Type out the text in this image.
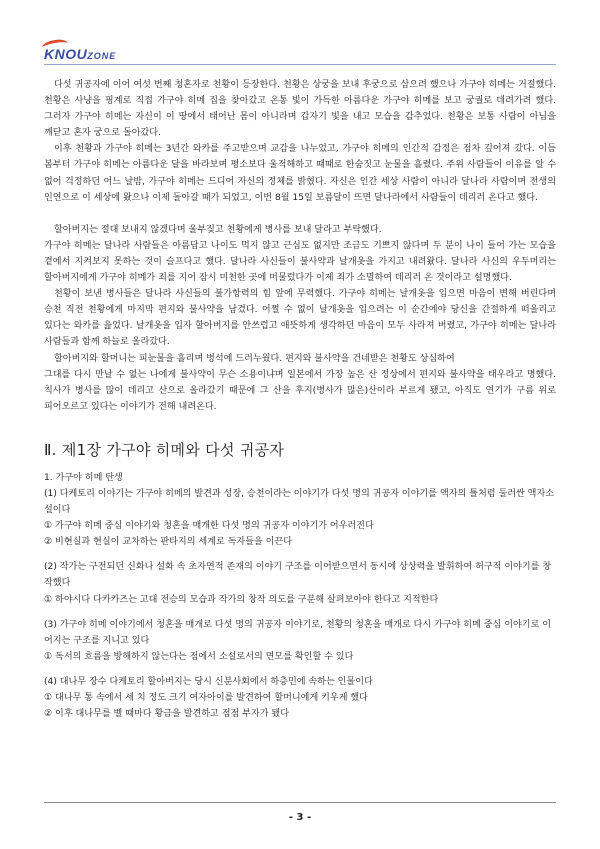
KNOUZONE

다섯 귀공자에 이어 여섯 번째 청혼자로 천황이 등장한다. 천황은 상궁을 보내 후궁으로 삼으려 했으나 가구야 히메는 거절했다. 천황은 사냥을 핑계로 직접 가구야 히메 집을 찾아갔고 온통 빛이 가득한 아름다운 가구야 히메를 보고 궁궐로 데려가려 했다. 그러자 가구야 히메는 자신이 이 땅에서 태어난 몸이 아니라며 갑자기 빛을 내고 모습을 감추었다. 천황은 보통 사람이 아님을 깨닫고 혼자 궁으로 돌아갔다.

이후 천황과 가구야 히메는 3년간 와카를 주고받으며 교감을 나누었고, 가구야 히메의 인간적 감정은 점차 깊어져 갔다. 이듬 봄부터 가구야 히메는 아름다운 달을 바라보며 평소보다 울적해하고 때때로 한숨짓고 눈물을 흘렸다. 주위 사람들이 이유를 알 수 없어 걱정하던 어느 날밤, 가구야 히메는 드디어 자신의 정체를 밝혔다. 자신은 인간 세상 사람이 아니라 달나라 사람이며 전생의 인연으로 이 세상에 왔으나 이제 돌아갈 때가 되었고, 이번 8월 15일 보름달이 뜨면 달나라에서 사람들이 데리러 온다고 했다.

할아버지는 절대 보내지 않겠다며 울부짖고 천황에게 병사를 보내 달라고 부탁했다.

가구야 히메는 달나라 사람들은 아름답고 나이도 먹지 않고 근심도 없지만 조금도 기쁘지 않다며 두 분이 나이 들어 가는 모습을 곁에서 지켜보지 못하는 것이 슬프다고 했다. 달나라 사신들이 불사약과 날개옷을 가지고 내려왔다. 달나라 사신의 우두머리는 할아버지에게 가구야 히메가 죄를 지어 잠시 미천한 곳에 머물렀다가 이제 죄가 소멸하여 데리러 온 것이라고 설명했다.

천황이 보낸 병사들은 달나라 사신들의 불가항력의 힘 앞에 무력했다. 가구야 히메는 날개옷을 입으면 마음이 변해 버린다며 승천 직전 천황에게 마지막 편지와 불사약을 남겼다. 어쩔 수 없이 날개옷을 입으려는 이 순간에야 당신을 간절하게 떠올리고 있다는 와카를 읊었다. 날개옷을 입자 할아버지를 안쓰럽고 애뜻하게 생각하던 마음이 모두 사라져 버렸고, 가구야 히메는 달나라 사람들과 함께 하늘로 올라갔다.

할아버지와 할머니는 피눈물을 흘리며 병석에 드러누웠다. 편지와 불사약을 건네받은 천황도 상심하여

그대를 다시 만날 수 없는 나에게 불사약이 무슨 소용이냐며 일본에서 가장 높은 산 정상에서 편지와 불사약을 태우라고 명했다. 칙사가 병사를 많이 데리고 산으로 올라갔기 때문에 그 산을 후지(병사가 많은)산이라 부르게 됐고, 아직도 연기가 구름 위로 피어오르고 있다는 이야기가 전해 내려온다.

Ⅱ. 제1장 가구야 히메와 다섯 귀공자

1. 가구야 히메 탄생

(1) 다케토리 이야기는 가구야 히메의 발견과 성장, 승천이라는 이야기가 다섯 명의 귀공자 이야기를 액자의 틀처럼 둘러싼 액자소설이다

① 가구야 히메 중심 이야기와 청혼을 매개한 다섯 명의 귀공자 이야기가 어우러진다

② 비현실과 현실이 교차하는 판타지의 세계로 독자들을 이끈다

(2) 작가는 구전되던 신화나 설화 속 초자연적 존재의 이야기 구조를 이어받으면서 동시에 상상력을 발휘하여 허구적 이야기를 창작했다

① 하야시다 다카카즈는 고대 전승의 모습과 작가의 창작 의도를 구분해 살펴보아야 한다고 지적한다

(3) 가구야 히메 이야기에서 청혼을 매개로 다섯 명의 귀공자 이야기로, 천황의 청혼을 매개로 다시 가구야 히메 중심 이야기로 이어지는 구조를 지니고 있다

① 독서의 흐름을 방해하지 않는다는 점에서 소설로서의 면모를 확인할 수 있다

(4) 대나무 장수 다케토리 할아버지는 당시 신분사회에서 하층민에 속하는 인물이다

① 대나무 통 속에서 세 치 정도 크기 여자아이를 발견하여 할머니에게 키우게 했다

② 이후 대나무를 벨 때마다 황금을 발견하고 점점 부자가 됐다

- 3 -
